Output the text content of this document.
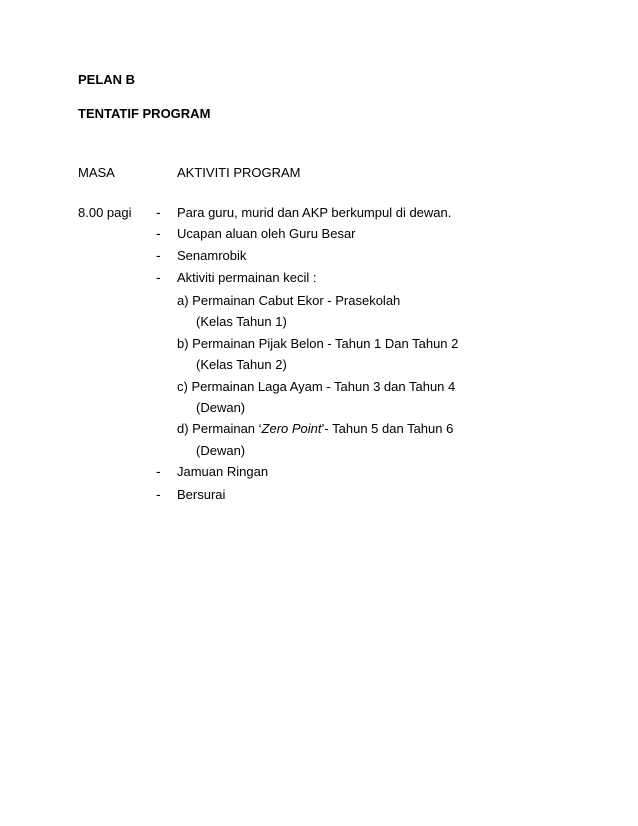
PELAN B
TENTATIF PROGRAM
MASA	AKTIVITI PROGRAM
8.00 pagi - Para guru, murid dan AKP berkumpul di dewan.
- Ucapan aluan oleh Guru Besar
- Senamrobik
- Aktiviti permainan kecil :
a) Permainan Cabut Ekor - Prasekolah
(Kelas Tahun 1)
b) Permainan Pijak Belon - Tahun 1 Dan Tahun 2
(Kelas Tahun 2)
c) Permainan Laga Ayam - Tahun 3 dan Tahun 4
(Dewan)
d) Permainan ‘Zero Point’- Tahun 5 dan Tahun 6
(Dewan)
- Jamuan Ringan
- Bersurai
